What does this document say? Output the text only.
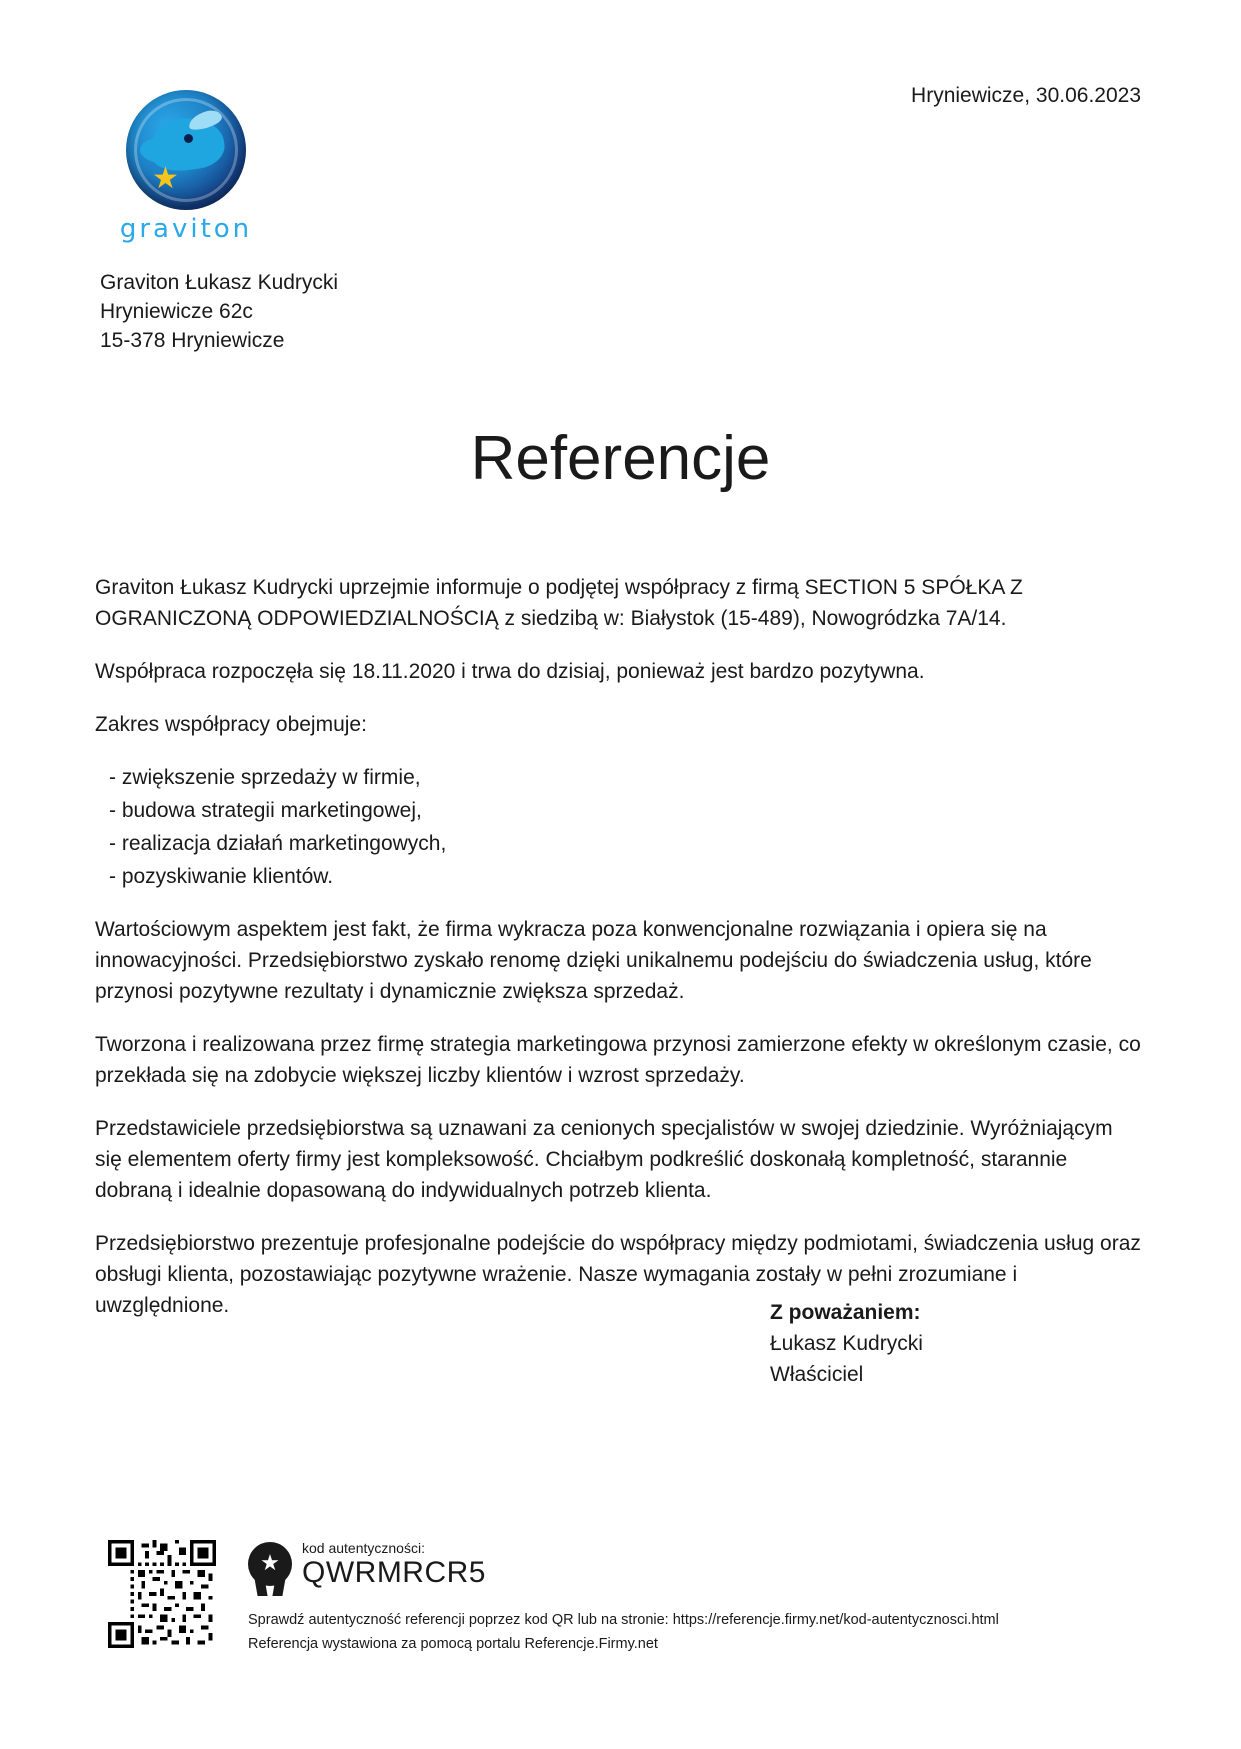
Hryniewicze, 30.06.2023
graviton
Graviton Łukasz Kudrycki
Hryniewicze 62c
15-378 Hryniewicze
Referencje

Graviton Łukasz Kudrycki uprzejmie informuje o podjętej współpracy z firmą SECTION 5 SPÓŁKA Z OGRANICZONĄ ODPOWIEDZIALNOŚCIĄ z siedzibą w: Białystok (15-489), Nowogródzka 7A/14.

Współpraca rozpoczęła się 18.11.2020 i trwa do dzisiaj, ponieważ jest bardzo pozytywna.

Zakres współpracy obejmuje:

- zwiększenie sprzedaży w firmie,
- budowa strategii marketingowej,
- realizacja działań marketingowych,
- pozyskiwanie klientów.

Wartościowym aspektem jest fakt, że firma wykracza poza konwencjonalne rozwiązania i opiera się na innowacyjności. Przedsiębiorstwo zyskało renomę dzięki unikalnemu podejściu do świadczenia usług, które przynosi pozytywne rezultaty i dynamicznie zwiększa sprzedaż.

Tworzona i realizowana przez firmę strategia marketingowa przynosi zamierzone efekty w określonym czasie, co przekłada się na zdobycie większej liczby klientów i wzrost sprzedaży.

Przedstawiciele przedsiębiorstwa są uznawani za cenionych specjalistów w swojej dziedzinie. Wyróżniającym się elementem oferty firmy jest kompleksowość. Chciałbym podkreślić doskonałą kompletność, starannie dobraną i idealnie dopasowaną do indywidualnych potrzeb klienta.

Przedsiębiorstwo prezentuje profesjonalne podejście do współpracy między podmiotami, świadczenia usług oraz obsługi klienta, pozostawiając pozytywne wrażenie. Nasze wymagania zostały w pełni zrozumiane i uwzględnione.	Z poważaniem:
Łukasz Kudrycki
Właściciel
★
kod autentyczności:
QWRMRCR5
Sprawdź autentyczność referencji poprzez kod QR lub na stronie: https://referencje.firmy.net/kod-autentycznosci.html
Referencja wystawiona za pomocą portalu Referencje.Firmy.net
